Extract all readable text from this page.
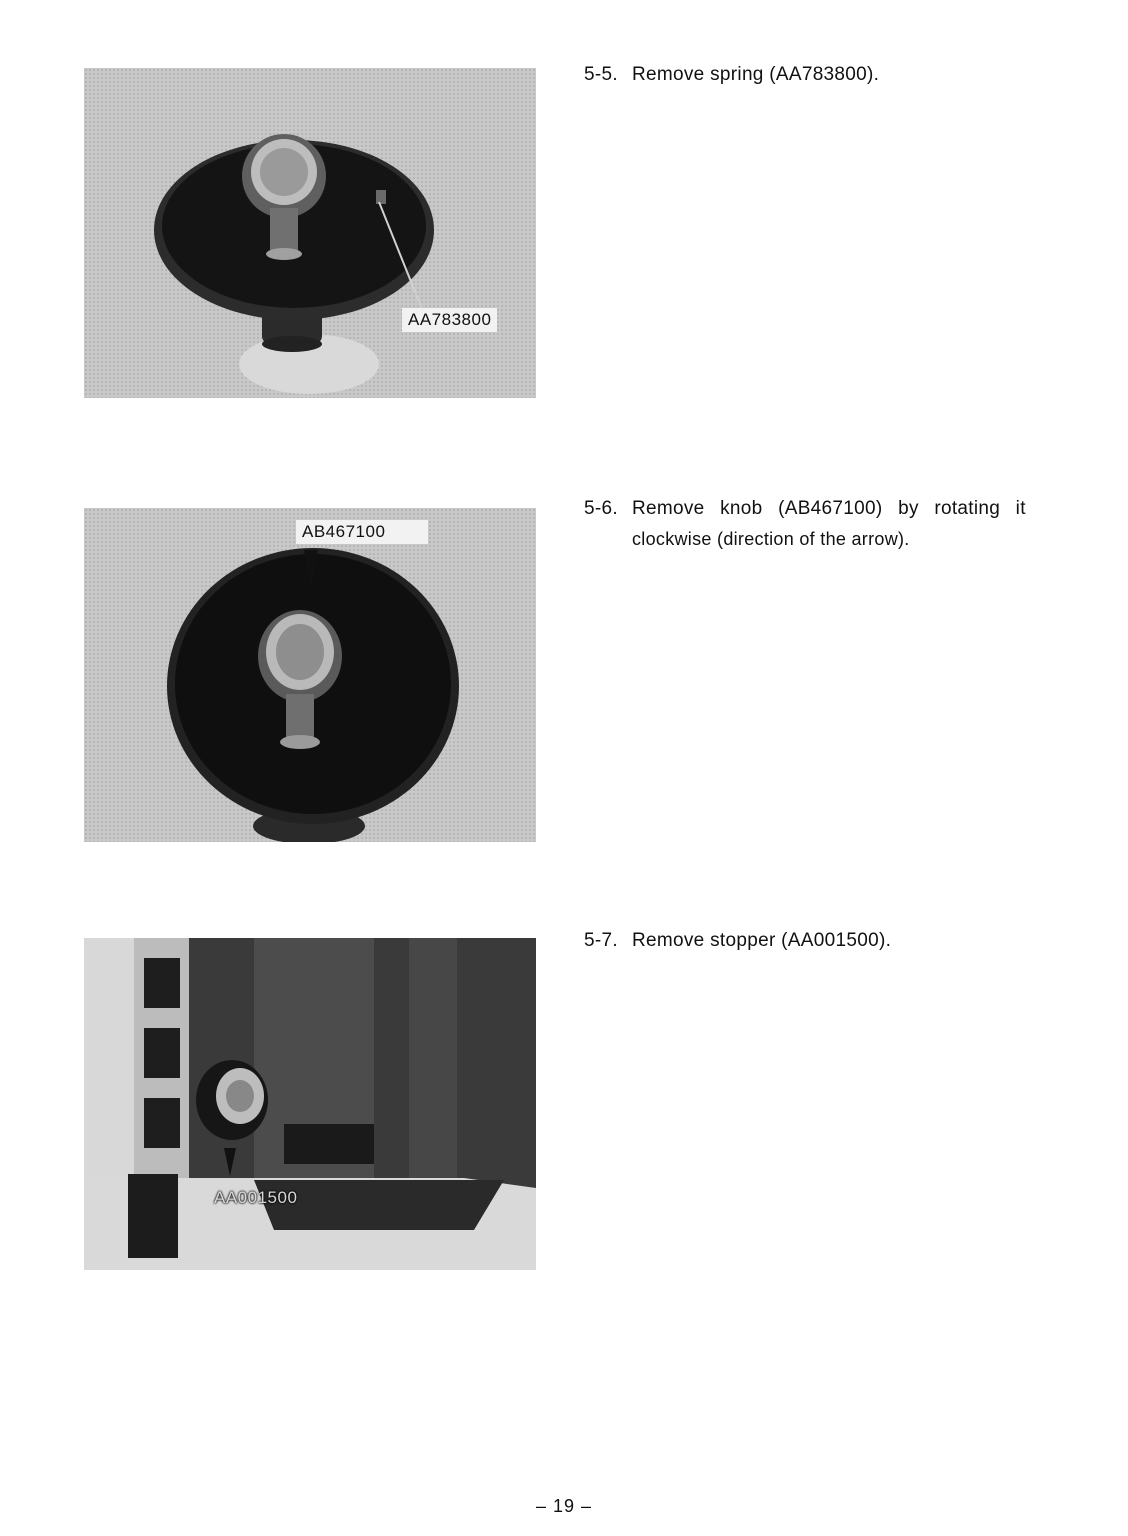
AA783800
AB467100
AA001500
5-5. Remove spring (AA783800).
5-6. Remove knob (AB467100) by rotating it
clockwise (direction of the arrow).
5-7. Remove stopper (AA001500).
– 19 –
